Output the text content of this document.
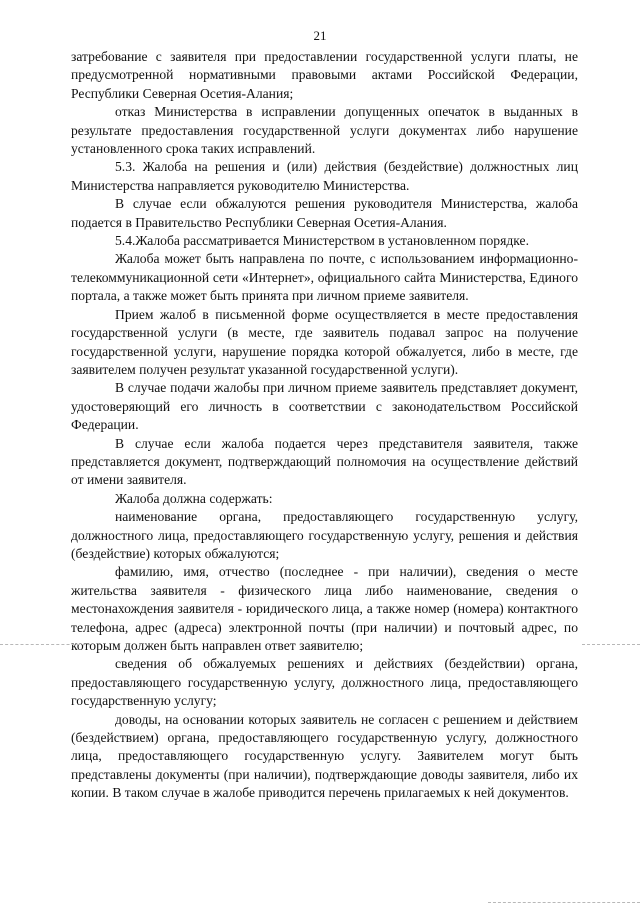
21

затребование с заявителя при предоставлении государственной услуги платы, не предусмотренной нормативными правовыми актами Российской Федерации, Республики Северная Осетия-Алания;

отказ Министерства в исправлении допущенных опечаток в выданных в результате предоставления государственной услуги документах либо нарушение установленного срока таких исправлений.

5.3. Жалоба на решения и (или) действия (бездействие) должностных лиц Министерства направляется руководителю Министерства.

В случае если обжалуются решения руководителя Министерства, жалоба подается в Правительство Республики Северная Осетия-Алания.

5.4.Жалоба рассматривается Министерством в установленном порядке.

Жалоба может быть направлена по почте, с использованием информационно-телекоммуникационной сети «Интернет», официального сайта Министерства, Единого портала, а также может быть принята при личном приеме заявителя.

Прием жалоб в письменной форме осуществляется в месте предоставления государственной услуги (в месте, где заявитель подавал запрос на получение государственной услуги, нарушение порядка которой обжалуется, либо в месте, где заявителем получен результат указанной государственной услуги).

В случае подачи жалобы при личном приеме заявитель представляет документ, удостоверяющий его личность в соответствии с законодательством Российской Федерации.

В случае если жалоба подается через представителя заявителя, также представляется документ, подтверждающий полномочия на осуществление действий от имени заявителя.

Жалоба должна содержать:

наименование органа, предоставляющего государственную услугу, должностного лица, предоставляющего государственную услугу, решения и действия (бездействие) которых обжалуются;

фамилию, имя, отчество (последнее - при наличии), сведения о месте жительства заявителя - физического лица либо наименование, сведения о местонахождения заявителя - юридического лица, а также номер (номера) контактного телефона, адрес (адреса) электронной почты (при наличии) и почтовый адрес, по которым должен быть направлен ответ заявителю;

сведения об обжалуемых решениях и действиях (бездействии) органа, предоставляющего государственную услугу, должностного лица, предоставляющего государственную услугу;

доводы, на основании которых заявитель не согласен с решением и действием (бездействием) органа, предоставляющего государственную услугу, должностного лица, предоставляющего государственную услугу. Заявителем могут быть представлены документы (при наличии), подтверждающие доводы заявителя, либо их копии. В таком случае в жалобе приводится перечень прилагаемых к ней документов.
